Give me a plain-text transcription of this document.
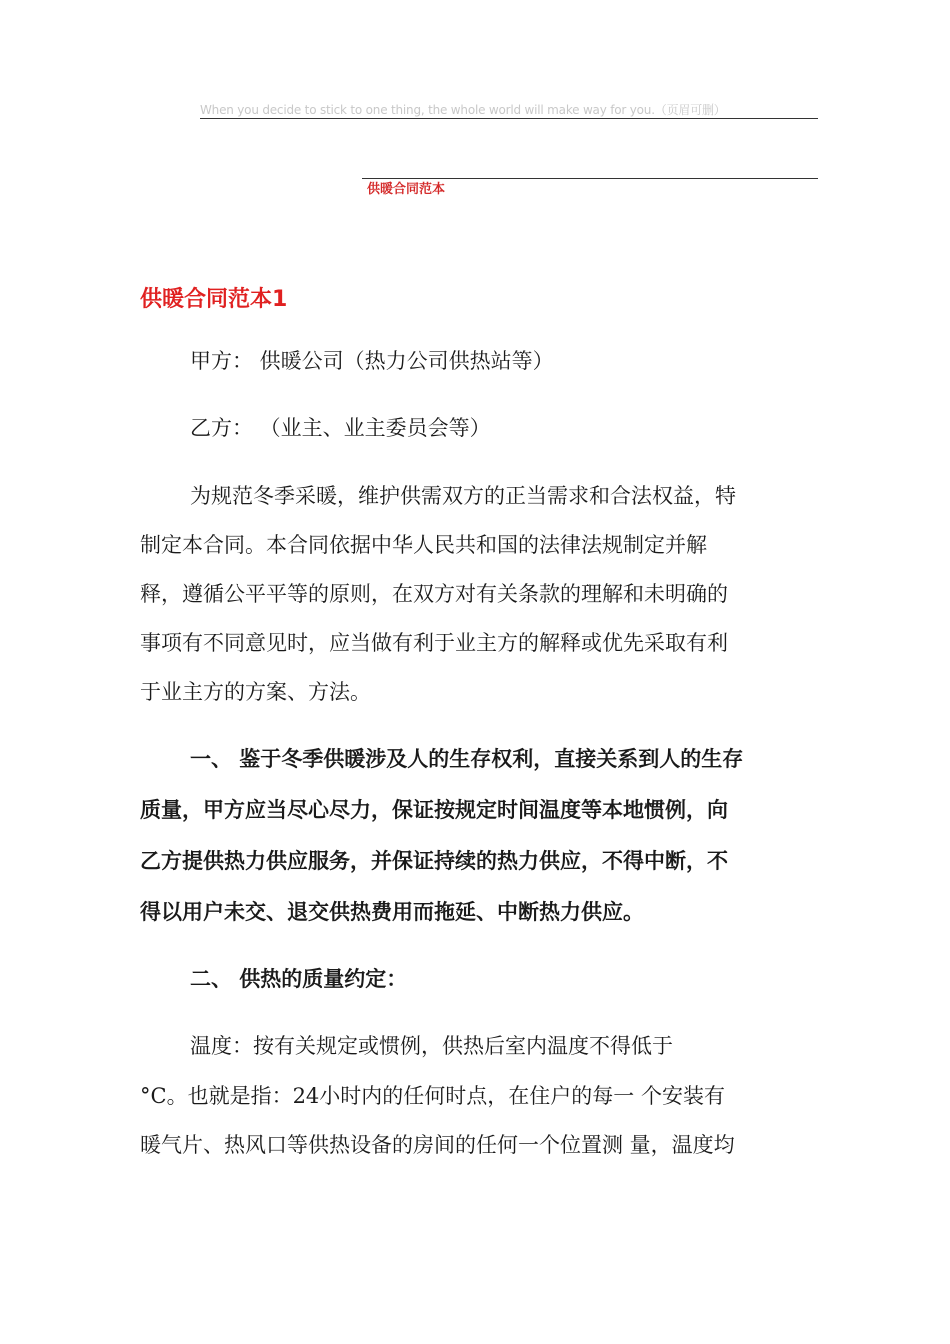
When you decide to stick to one thing, the whole world will make way for you.（页眉可删）
供暖合同范本
供暖合同范本1
甲方： 供暖公司（热力公司供热站等）
乙方： （业主、业主委员会等）
为规范冬季采暖，维护供需双方的正当需求和合法权益，特
制定本合同。本合同依据中华人民共和国的法律法规制定并解
释，遵循公平平等的原则，在双方对有关条款的理解和未明确的
事项有不同意见时，应当做有利于业主方的解释或优先采取有利
于业主方的方案、方法。
一、 鉴于冬季供暖涉及人的生存权利，直接关系到人的生存
质量，甲方应当尽心尽力，保证按规定时间温度等本地惯例，向
乙方提供热力供应服务，并保证持续的热力供应，不得中断，不
得以用户未交、退交供热费用而拖延、中断热力供应。
二、 供热的质量约定：
温度：按有关规定或惯例，供热后室内温度不得低于
°C。也就是指：24小时内的任何时点，在住户的每一 个安装有
暖气片、热风口等供热设备的房间的任何一个位置测 量，温度均
